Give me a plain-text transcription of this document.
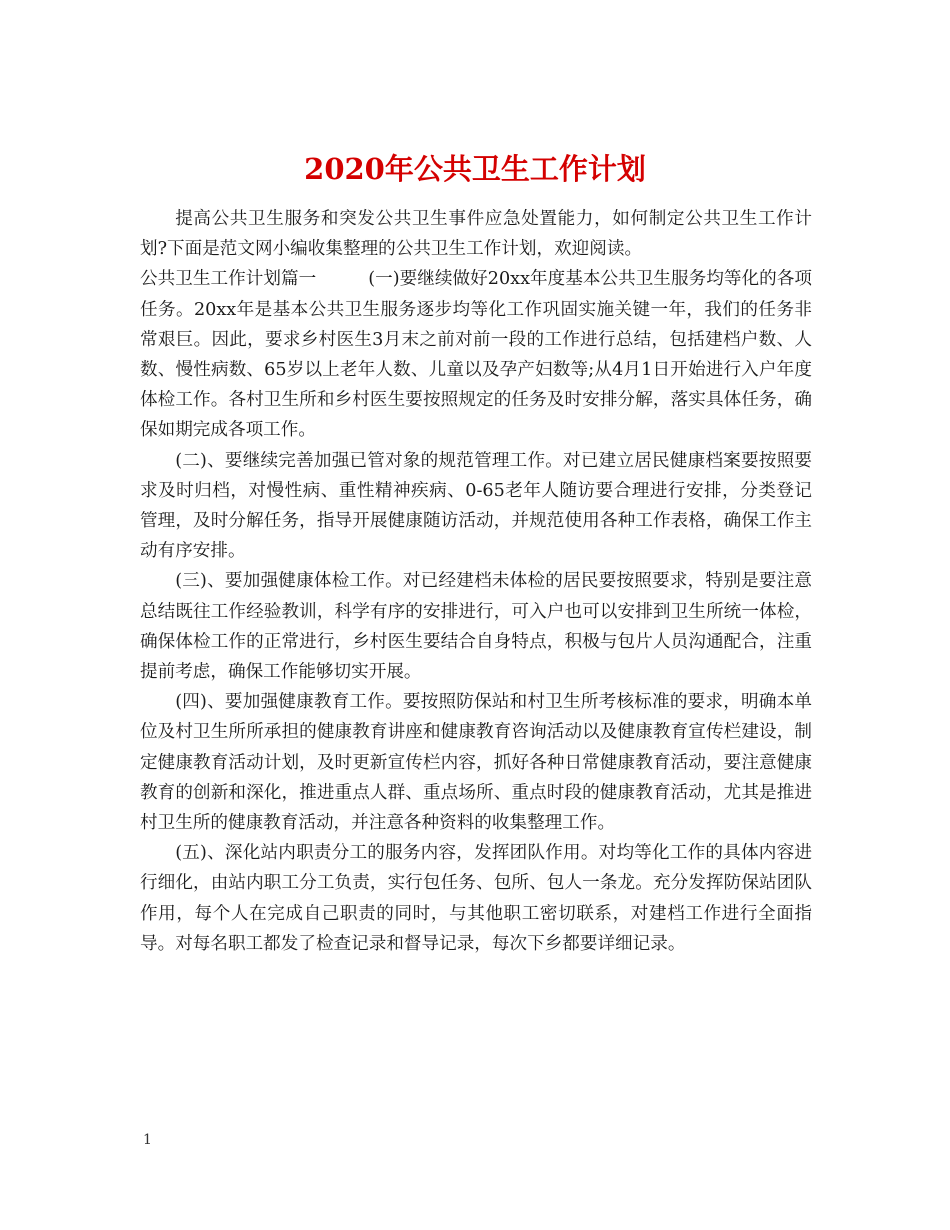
2020年公共卫生工作计划

提高公共卫生服务和突发公共卫生事件应急处置能力，如何制定公共卫生工作计划?下面是范文网小编收集整理的公共卫生工作计划，欢迎阅读。

公共卫生工作计划篇一	(一)要继续做好20xx年度基本公共卫生服务均等化的各项任务。20xx年是基本公共卫生服务逐步均等化工作巩固实施关键一年，我们的任务非常艰巨。因此，要求乡村医生3月末之前对前一段的工作进行总结，包括建档户数、人数、慢性病数、65岁以上老年人数、儿童以及孕产妇数等;从4月1日开始进行入户年度体检工作。各村卫生所和乡村医生要按照规定的任务及时安排分解，落实具体任务，确保如期完成各项工作。

(二)、要继续完善加强已管对象的规范管理工作。对已建立居民健康档案要按照要求及时归档，对慢性病、重性精神疾病、0-65老年人随访要合理进行安排，分类登记管理，及时分解任务，指导开展健康随访活动，并规范使用各种工作表格，确保工作主动有序安排。

(三)、要加强健康体检工作。对已经建档未体检的居民要按照要求，特别是要注意总结既往工作经验教训，科学有序的安排进行，可入户也可以安排到卫生所统一体检，确保体检工作的正常进行，乡村医生要结合自身特点，积极与包片人员沟通配合，注重提前考虑，确保工作能够切实开展。

(四)、要加强健康教育工作。要按照防保站和村卫生所考核标准的要求，明确本单位及村卫生所所承担的健康教育讲座和健康教育咨询活动以及健康教育宣传栏建设，制定健康教育活动计划，及时更新宣传栏内容，抓好各种日常健康教育活动，要注意健康教育的创新和深化，推进重点人群、重点场所、重点时段的健康教育活动，尤其是推进村卫生所的健康教育活动，并注意各种资料的收集整理工作。

(五)、深化站内职责分工的服务内容，发挥团队作用。对均等化工作的具体内容进行细化，由站内职工分工负责，实行包任务、包所、包人一条龙。充分发挥防保站团队作用，每个人在完成自己职责的同时，与其他职工密切联系，对建档工作进行全面指导。对每名职工都发了检查记录和督导记录，每次下乡都要详细记录。

1
